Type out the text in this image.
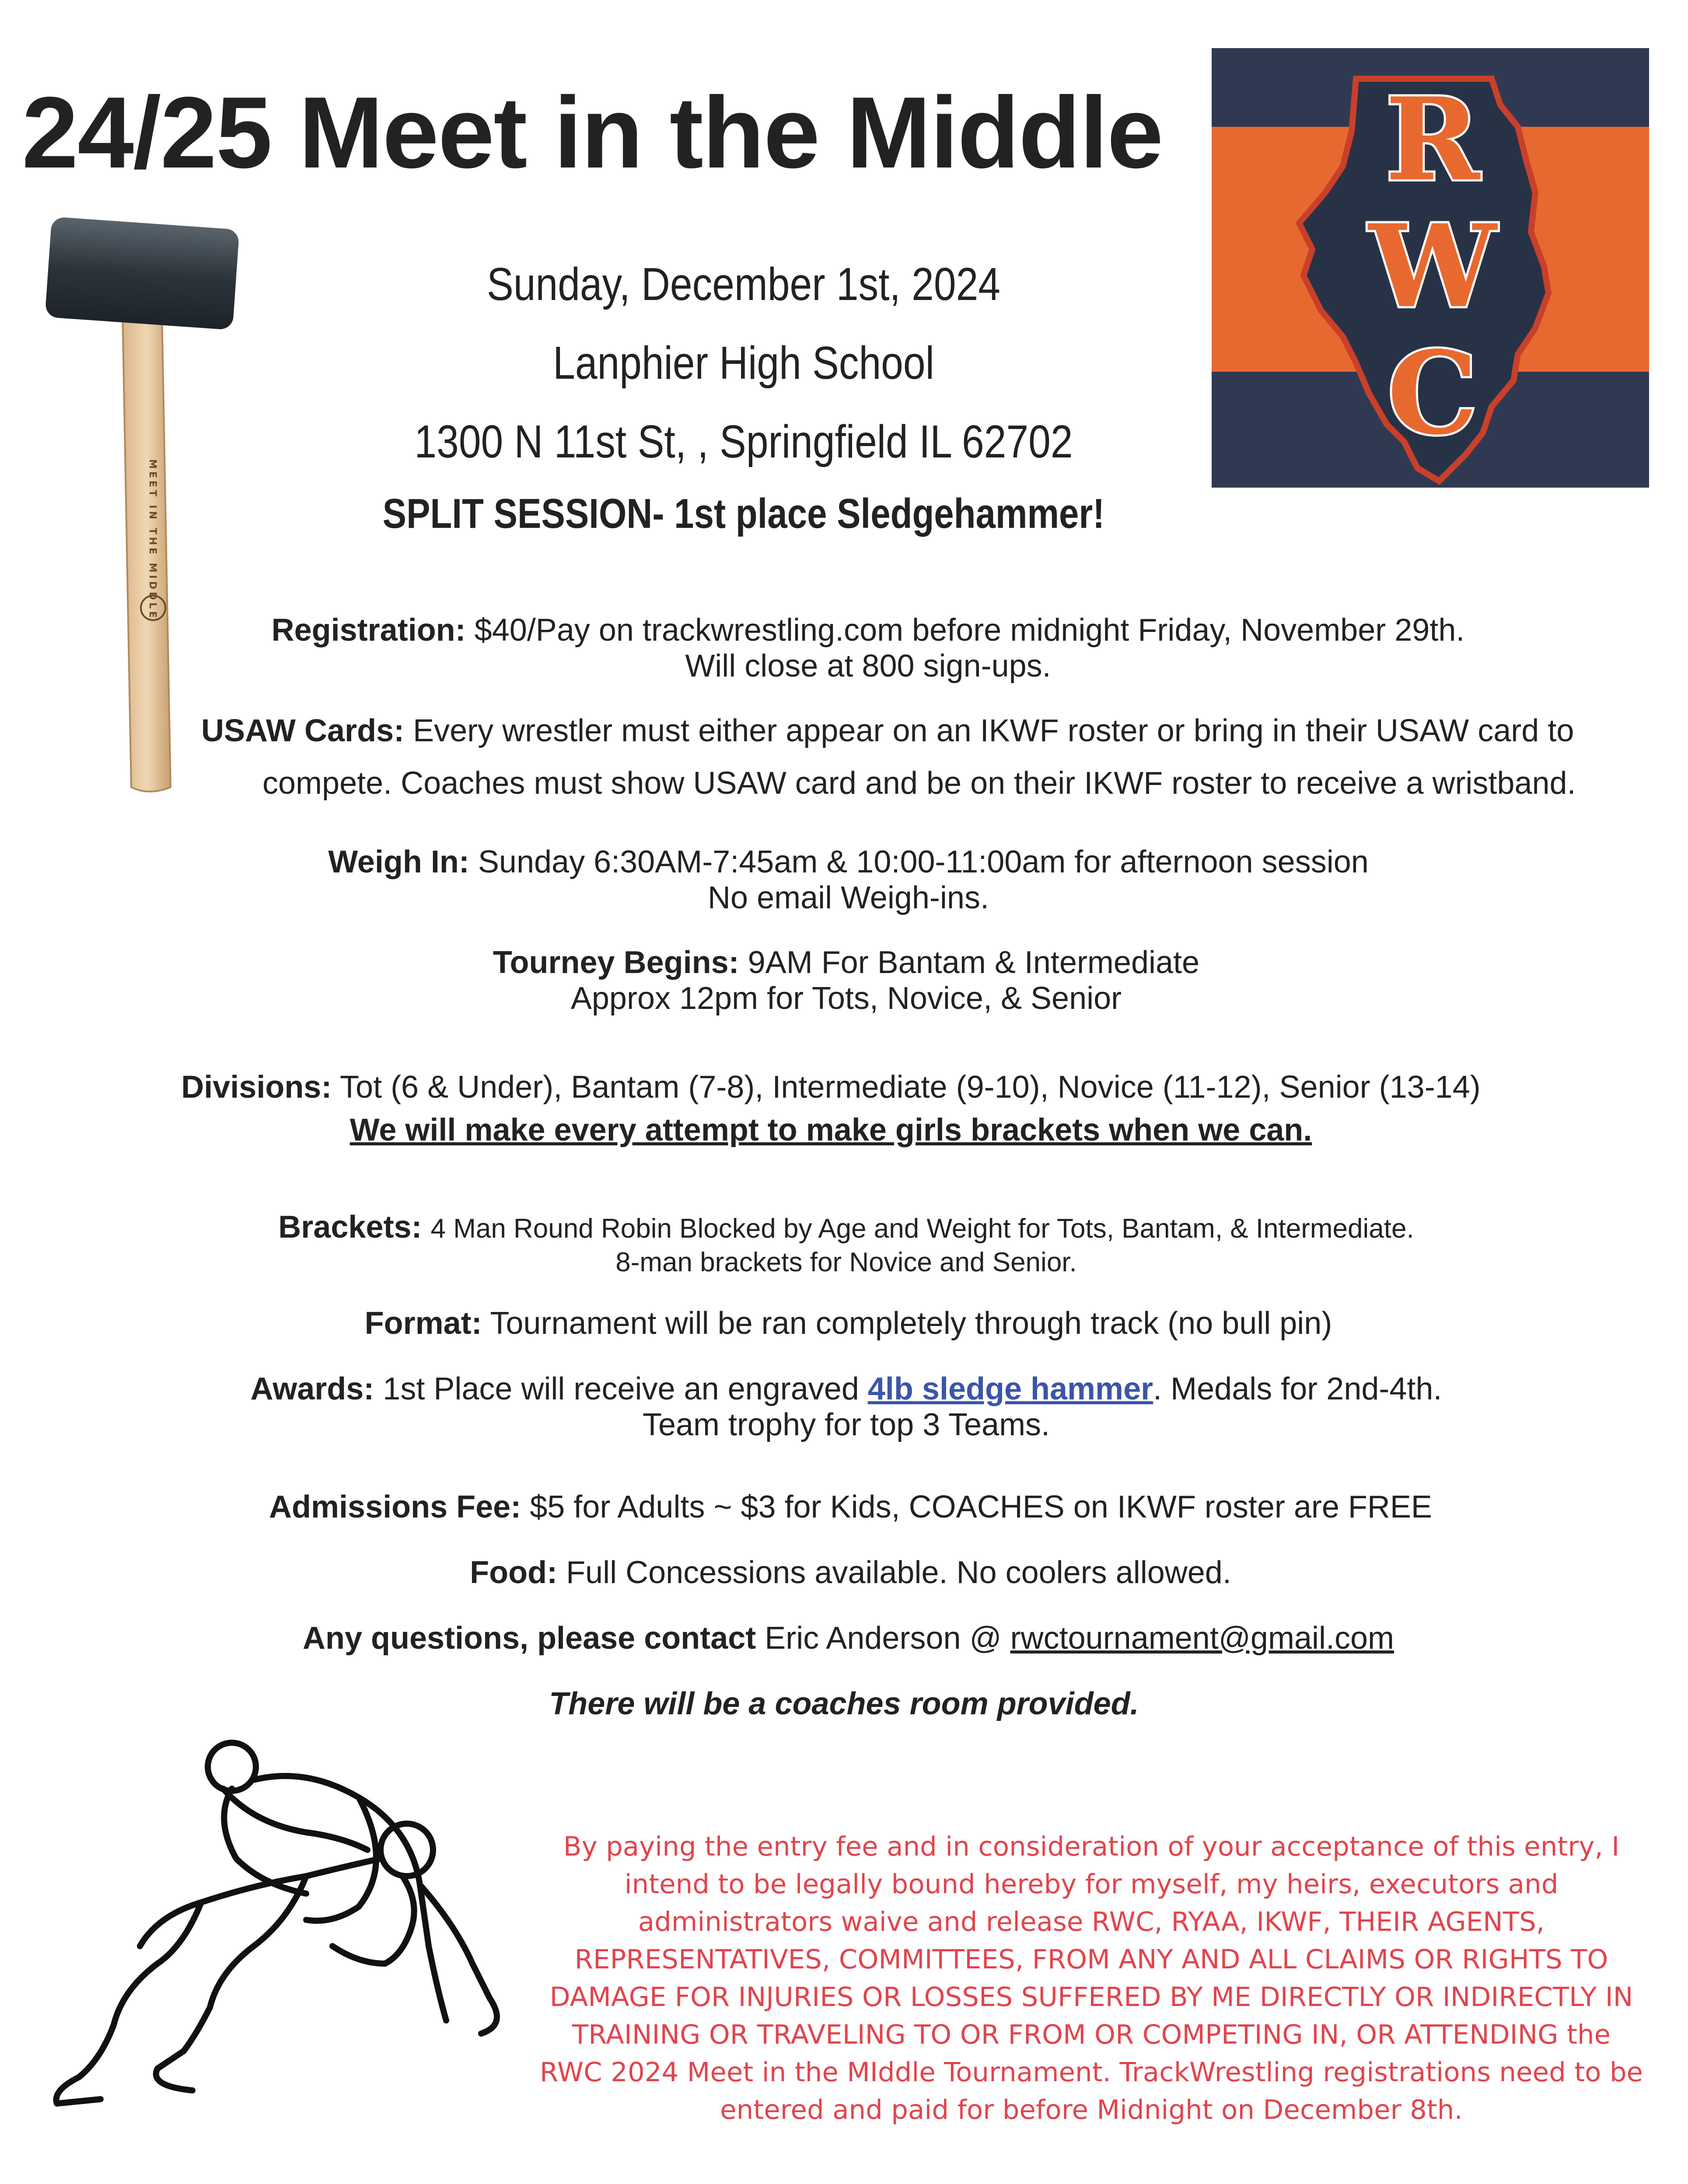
24/25 Meet in the Middle	R
W
C
MEET IN THE MIDDLE
Sunday, December 1st, 2024
Lanphier High School
1300 N 11st St, , Springfield IL 62702
SPLIT SESSION- 1st place Sledgehammer!
Registration: $40/Pay on trackwrestling.com before midnight Friday, November 29th.
Will close at 800 sign-ups.
USAW Cards: Every wrestler must either appear on an IKWF roster or bring in their USAW card to
compete. Coaches must show USAW card and be on their IKWF roster to receive a wristband.
Weigh In: Sunday 6:30AM-7:45am & 10:00-11:00am for afternoon session
No email Weigh-ins.
Tourney Begins: 9AM For Bantam & Intermediate
Approx 12pm for Tots, Novice, & Senior
Divisions: Tot (6 & Under), Bantam (7-8), Intermediate (9-10), Novice (11-12), Senior (13-14)
We will make every attempt to make girls brackets when we can.
Brackets: 4 Man Round Robin Blocked by Age and Weight for Tots, Bantam, & Intermediate.
8-man brackets for Novice and Senior.
Format: Tournament will be ran completely through track (no bull pin)
Awards: 1st Place will receive an engraved 4lb sledge hammer. Medals for 2nd-4th.
Team trophy for top 3 Teams.
Admissions Fee: $5 for Adults ~ $3 for Kids, COACHES on IKWF roster are FREE
Food: Full Concessions available. No coolers allowed.
Any questions, please contact Eric Anderson @ rwctournament@gmail.com
There will be a coaches room provided.
By paying the entry fee and in consideration of your acceptance of this entry, I intend to be legally bound hereby for myself, my heirs, executors and administrators waive and release RWC, RYAA, IKWF, THEIR AGENTS, REPRESENTATIVES, COMMITTEES, FROM ANY AND ALL CLAIMS OR RIGHTS TO DAMAGE FOR INJURIES OR LOSSES SUFFERED BY ME DIRECTLY OR INDIRECTLY IN TRAINING OR TRAVELING TO OR FROM OR COMPETING IN, OR ATTENDING the RWC 2024 Meet in the MIddle Tournament. TrackWrestling registrations need to be entered and paid for before Midnight on December 8th.
